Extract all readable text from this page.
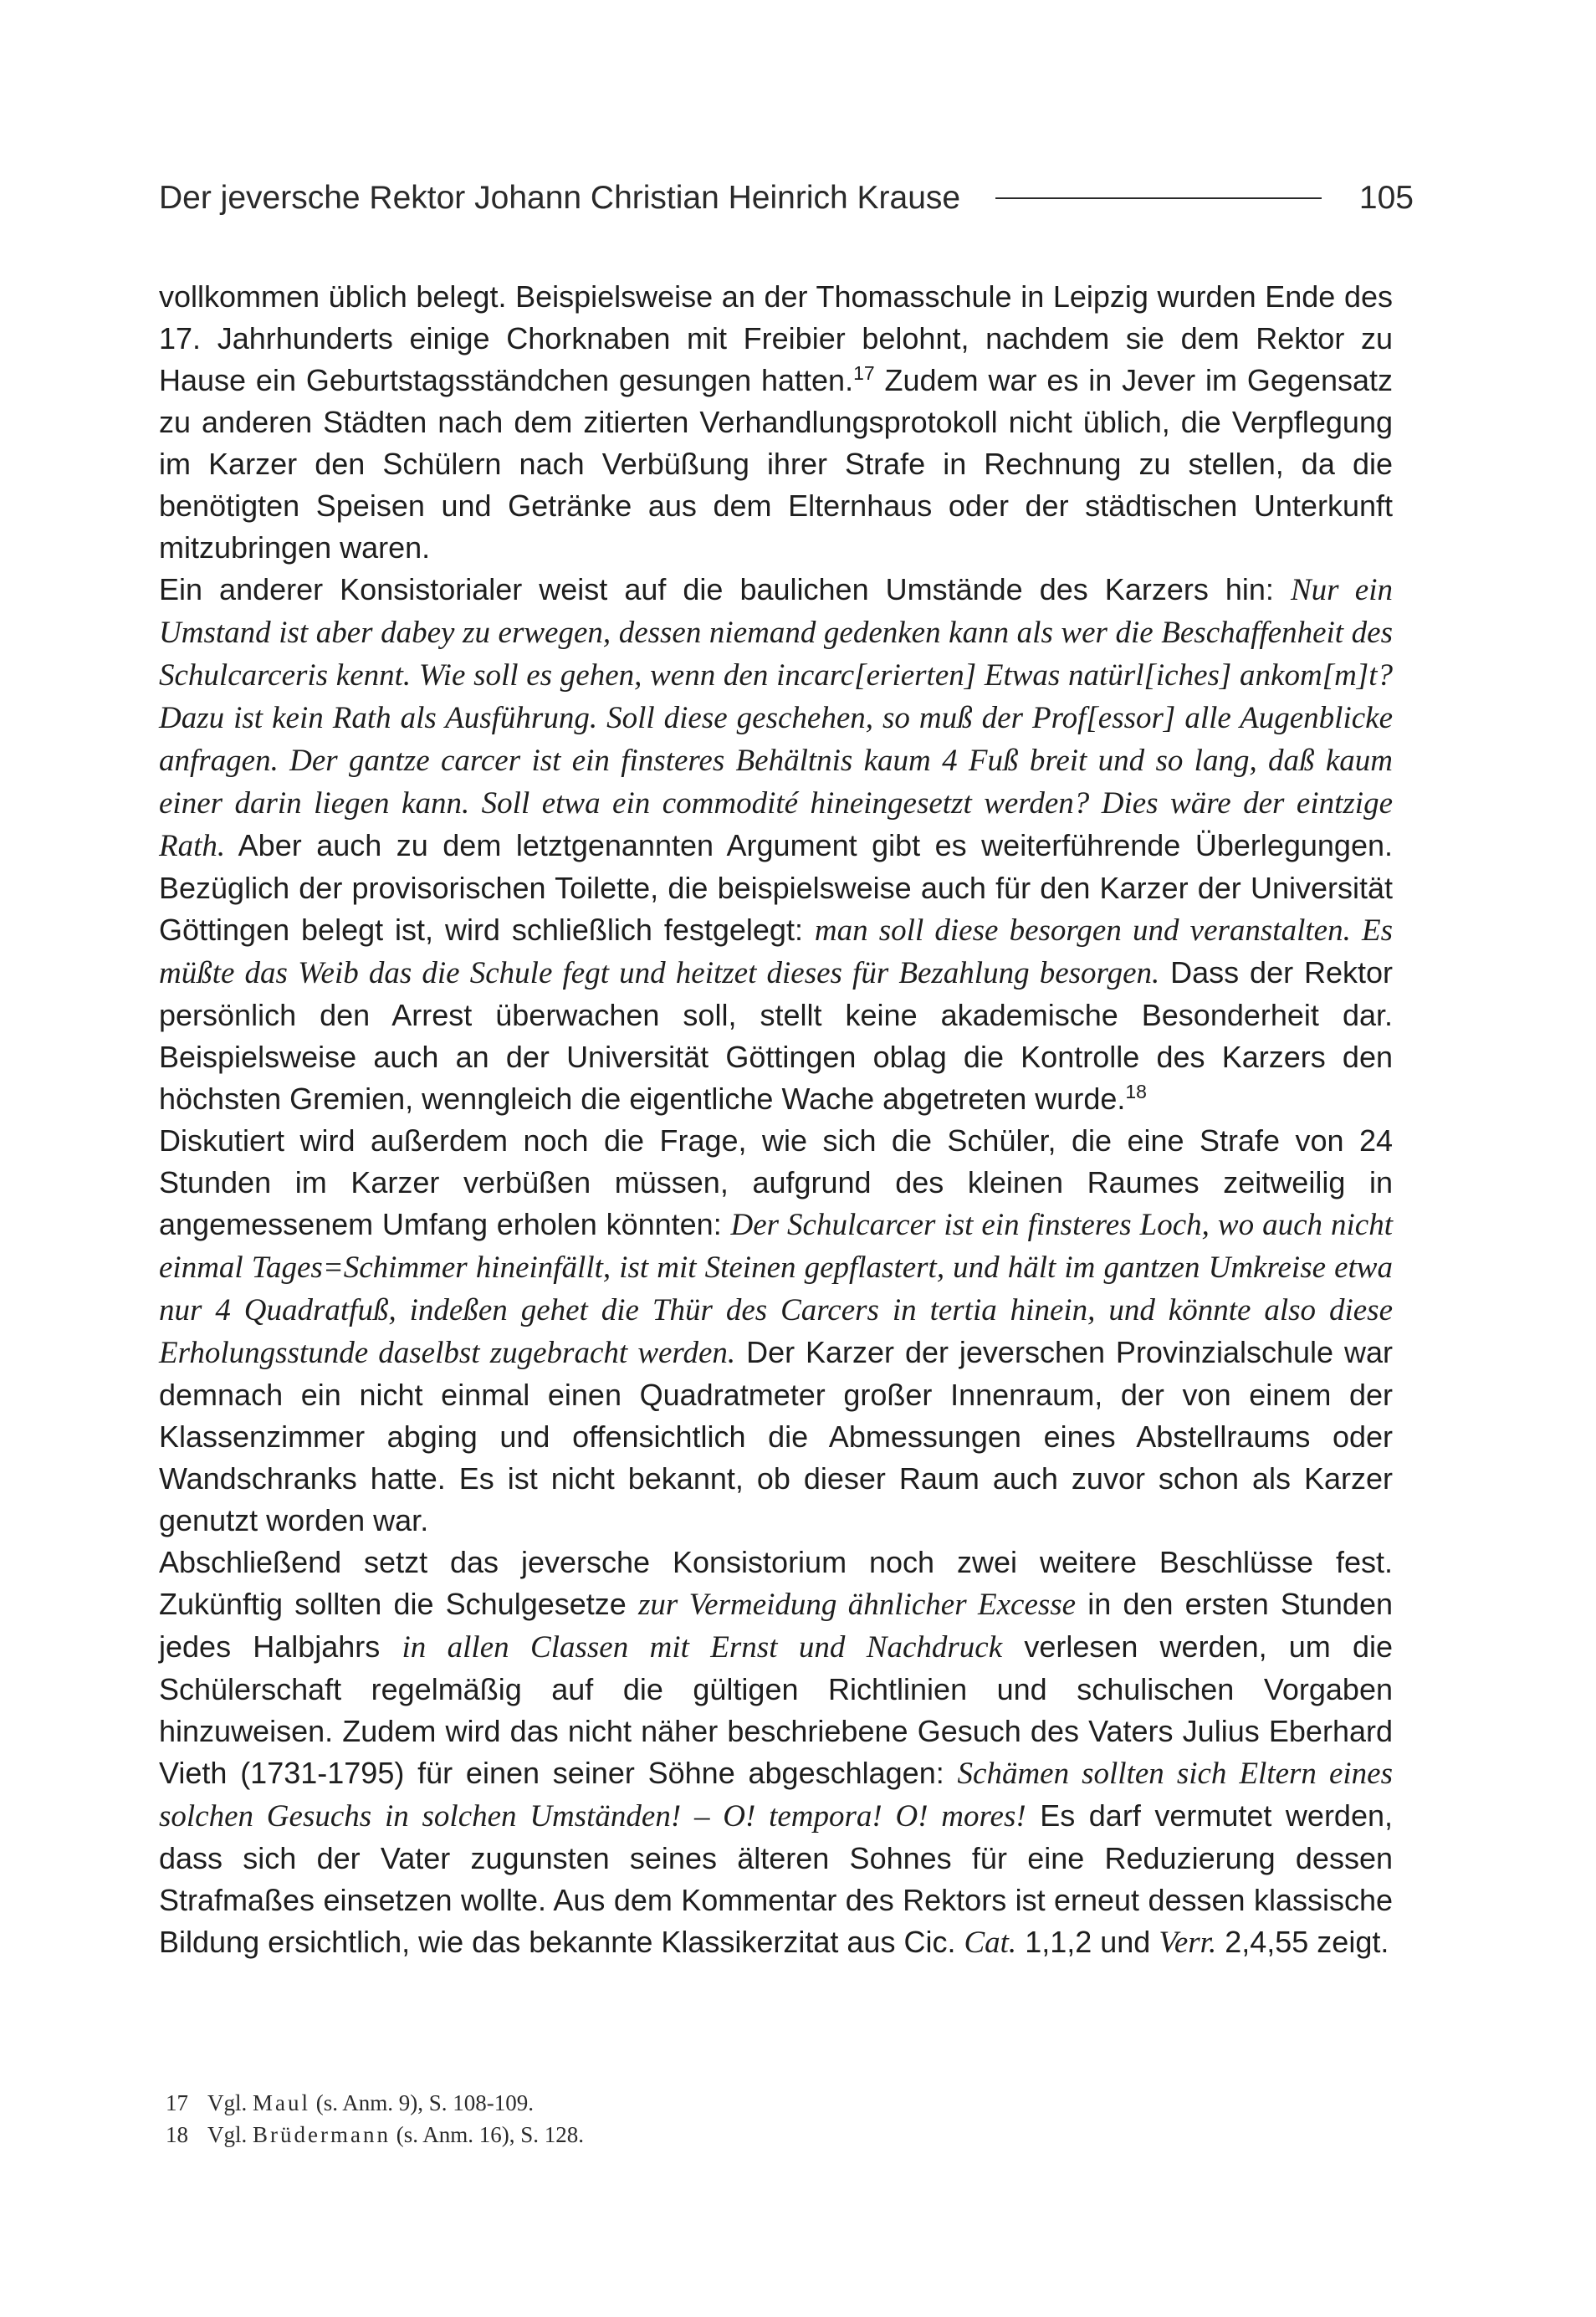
Der jeversche Rektor Johann Christian Heinrich Krause	105

vollkommen üblich belegt. Beispielsweise an der Thomasschule in Leipzig wurden Ende des 17. Jahrhunderts einige Chorknaben mit Freibier belohnt, nachdem sie dem Rektor zu Hause ein Geburtstagsständchen gesungen hatten.$^{17}$ Zudem war es in Jever im Gegensatz zu anderen Städten nach dem zitierten Verhandlungsprotokoll nicht üblich, die Verpflegung im Karzer den Schülern nach Verbüßung ihrer Strafe in Rechnung zu stellen, da die benötigten Speisen und Getränke aus dem Elternhaus oder der städtischen Unterkunft mitzubringen waren.

Ein anderer Konsistorialer weist auf die baulichen Umstände des Karzers hin: Nur ein Umstand ist aber dabey zu erwegen, dessen niemand gedenken kann als wer die Beschaffenheit des Schulcarceris kennt. Wie soll es gehen, wenn den incarc[erierten] Etwas natürl[iches] ankom[m]t? Dazu ist kein Rath als Ausführung. Soll diese geschehen, so muß der Prof[essor] alle Augenblicke anfragen. Der gantze carcer ist ein finsteres Behältnis kaum 4 Fuß breit und so lang, daß kaum einer darin liegen kann. Soll etwa ein commodité hineingesetzt werden? Dies wäre der eintzige Rath. Aber auch zu dem letztgenannten Argument gibt es weiterführende Überlegungen. Bezüglich der provisorischen Toilette, die beispielsweise auch für den Karzer der Universität Göttingen belegt ist, wird schließlich festgelegt: man soll diese besorgen und veranstalten. Es müßte das Weib das die Schule fegt und heitzet dieses für Bezahlung besorgen. Dass der Rektor persönlich den Arrest überwachen soll, stellt keine akademische Besonderheit dar. Beispielsweise auch an der Universität Göttingen oblag die Kontrolle des Karzers den höchsten Gremien, wenngleich die eigentliche Wache abgetreten wurde.$^{18}$

Diskutiert wird außerdem noch die Frage, wie sich die Schüler, die eine Strafe von 24 Stunden im Karzer verbüßen müssen, aufgrund des kleinen Raumes zeitweilig in angemessenem Umfang erholen könnten: Der Schulcarcer ist ein finsteres Loch, wo auch nicht einmal Tages=Schimmer hineinfällt, ist mit Steinen gepflastert, und hält im gantzen Umkreise etwa nur 4 Quadratfuß, indeßen gehet die Thür des Carcers in tertia hinein, und könnte also diese Erholungsstunde daselbst zugebracht werden. Der Karzer der jeverschen Provinzialschule war demnach ein nicht einmal einen Quadratmeter großer Innenraum, der von einem der Klassenzimmer abging und offensichtlich die Abmessungen eines Abstellraums oder Wandschranks hatte. Es ist nicht bekannt, ob dieser Raum auch zuvor schon als Karzer genutzt worden war.

Abschließend setzt das jeversche Konsistorium noch zwei weitere Beschlüsse fest. Zukünftig sollten die Schulgesetze zur Vermeidung ähnlicher Excesse in den ersten Stunden jedes Halbjahrs in allen Classen mit Ernst und Nachdruck verlesen werden, um die Schülerschaft regelmäßig auf die gültigen Richtlinien und schulischen Vorgaben hinzuweisen. Zudem wird das nicht näher beschriebene Gesuch des Vaters Julius Eberhard Vieth (1731-1795) für einen seiner Söhne abgeschlagen: Schämen sollten sich Eltern eines solchen Gesuchs in solchen Umständen! – O! tempora! O! mores! Es darf vermutet werden, dass sich der Vater zugunsten seines älteren Sohnes für eine Reduzierung dessen Strafmaßes einsetzen wollte. Aus dem Kommentar des Rektors ist erneut dessen klassische Bildung ersichtlich, wie das bekannte Klassikerzitat aus Cic. Cat. 1,1,2 und Verr. 2,4,55 zeigt.

17 Vgl. Maul (s. Anm. 9), S. 108-109.
18 Vgl. Brüdermann (s. Anm. 16), S. 128.
